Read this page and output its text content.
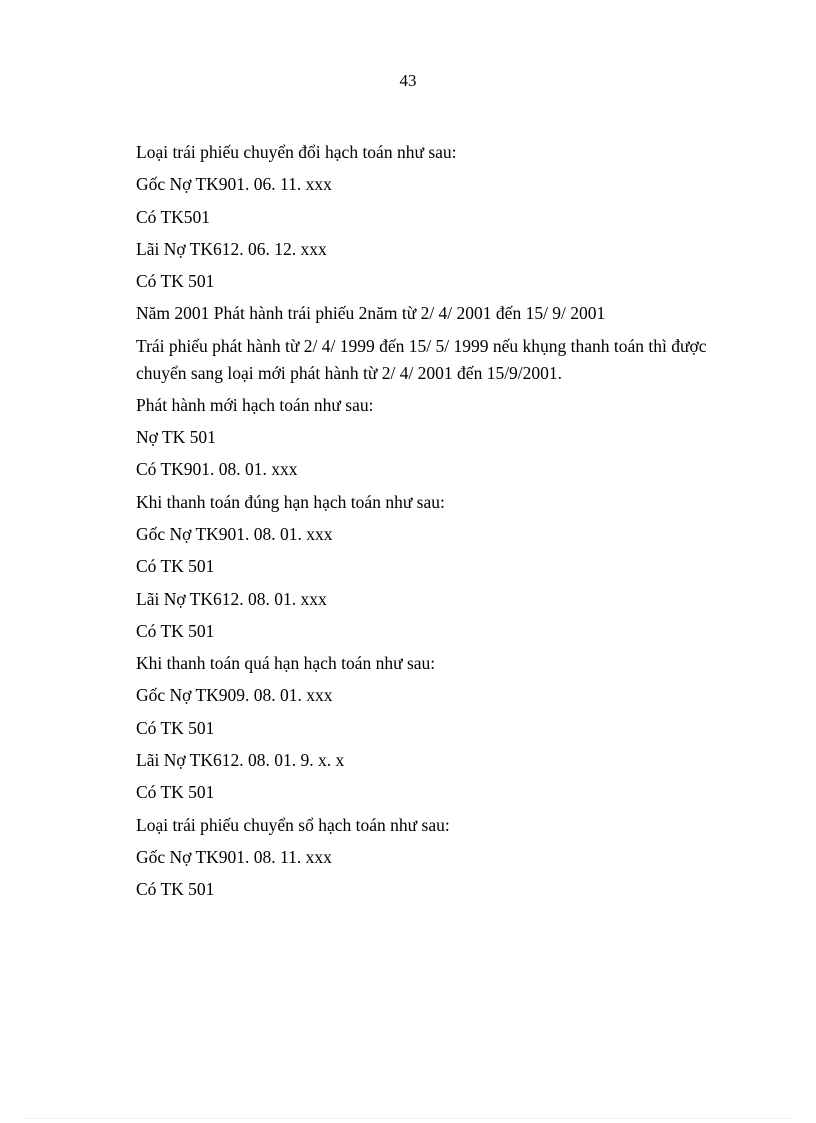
43
Loại trái phiếu chuyển đổi hạch toán như sau:
Gốc Nợ TK901. 06. 11. xxx
Có TK501
Lãi Nợ TK612. 06. 12. xxx
Có TK 501
Năm 2001 Phát hành trái phiếu 2năm từ 2/ 4/ 2001 đến 15/ 9/ 2001
Trái phiếu phát hành từ 2/ 4/ 1999 đến 15/ 5/ 1999 nếu khụng thanh toán thì được chuyển sang loại mới phát hành từ 2/ 4/ 2001 đến 15/9/2001.
Phát hành mới hạch toán như sau:
Nợ TK 501
Có TK901. 08. 01. xxx
Khi thanh toán đúng hạn hạch toán như sau:
Gốc Nợ TK901. 08. 01. xxx
Có TK 501
Lãi Nợ TK612. 08. 01. xxx
Có TK 501
Khi thanh toán quá hạn hạch toán như sau:
Gốc Nợ TK909. 08. 01. xxx
Có TK 501
Lãi Nợ TK612. 08. 01. 9. x. x
Có TK 501
Loại trái phiếu chuyển sổ hạch toán như sau:
Gốc Nợ TK901. 08. 11. xxx
Có TK 501
